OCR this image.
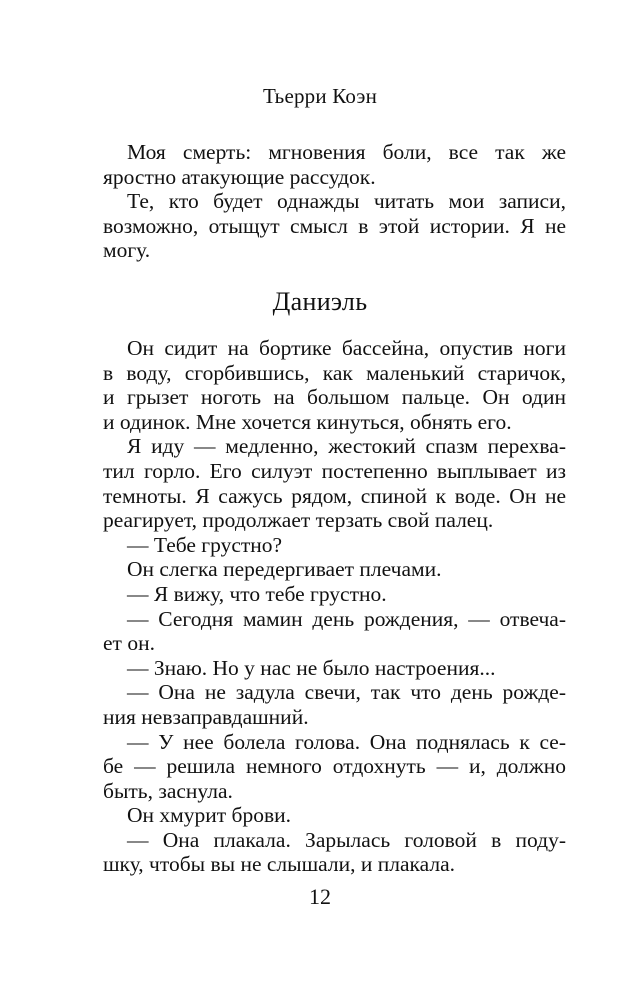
Тьерри Коэн
Моя смерть: мгновения боли, все так же
яростно атакующие рассудок.
Те, кто будет однажды читать мои записи,
возможно, отыщут смысл в этой истории. Я не
могу.
Даниэль
Он сидит на бортике бассейна, опустив ноги
в воду, сгорбившись, как маленький старичок,
и грызет ноготь на большом пальце. Он один
и одинок. Мне хочется кинуться, обнять его.
Я иду — медленно, жестокий спазм перехва-
тил горло. Его силуэт постепенно выплывает из
темноты. Я сажусь рядом, спиной к воде. Он не
реагирует, продолжает терзать свой палец.
— Тебе грустно?
Он слегка передергивает плечами.
— Я вижу, что тебе грустно.
— Сегодня мамин день рождения, — отвеча-
ет он.
— Знаю. Но у нас не было настроения...
— Она не задула свечи, так что день рожде-
ния невзаправдашний.
— У нее болела голова. Она поднялась к се-
бе — решила немного отдохнуть — и, должно
быть, заснула.
Он хмурит брови.
— Она плакала. Зарылась головой в поду-
шку, чтобы вы не слышали, и плакала.
12
